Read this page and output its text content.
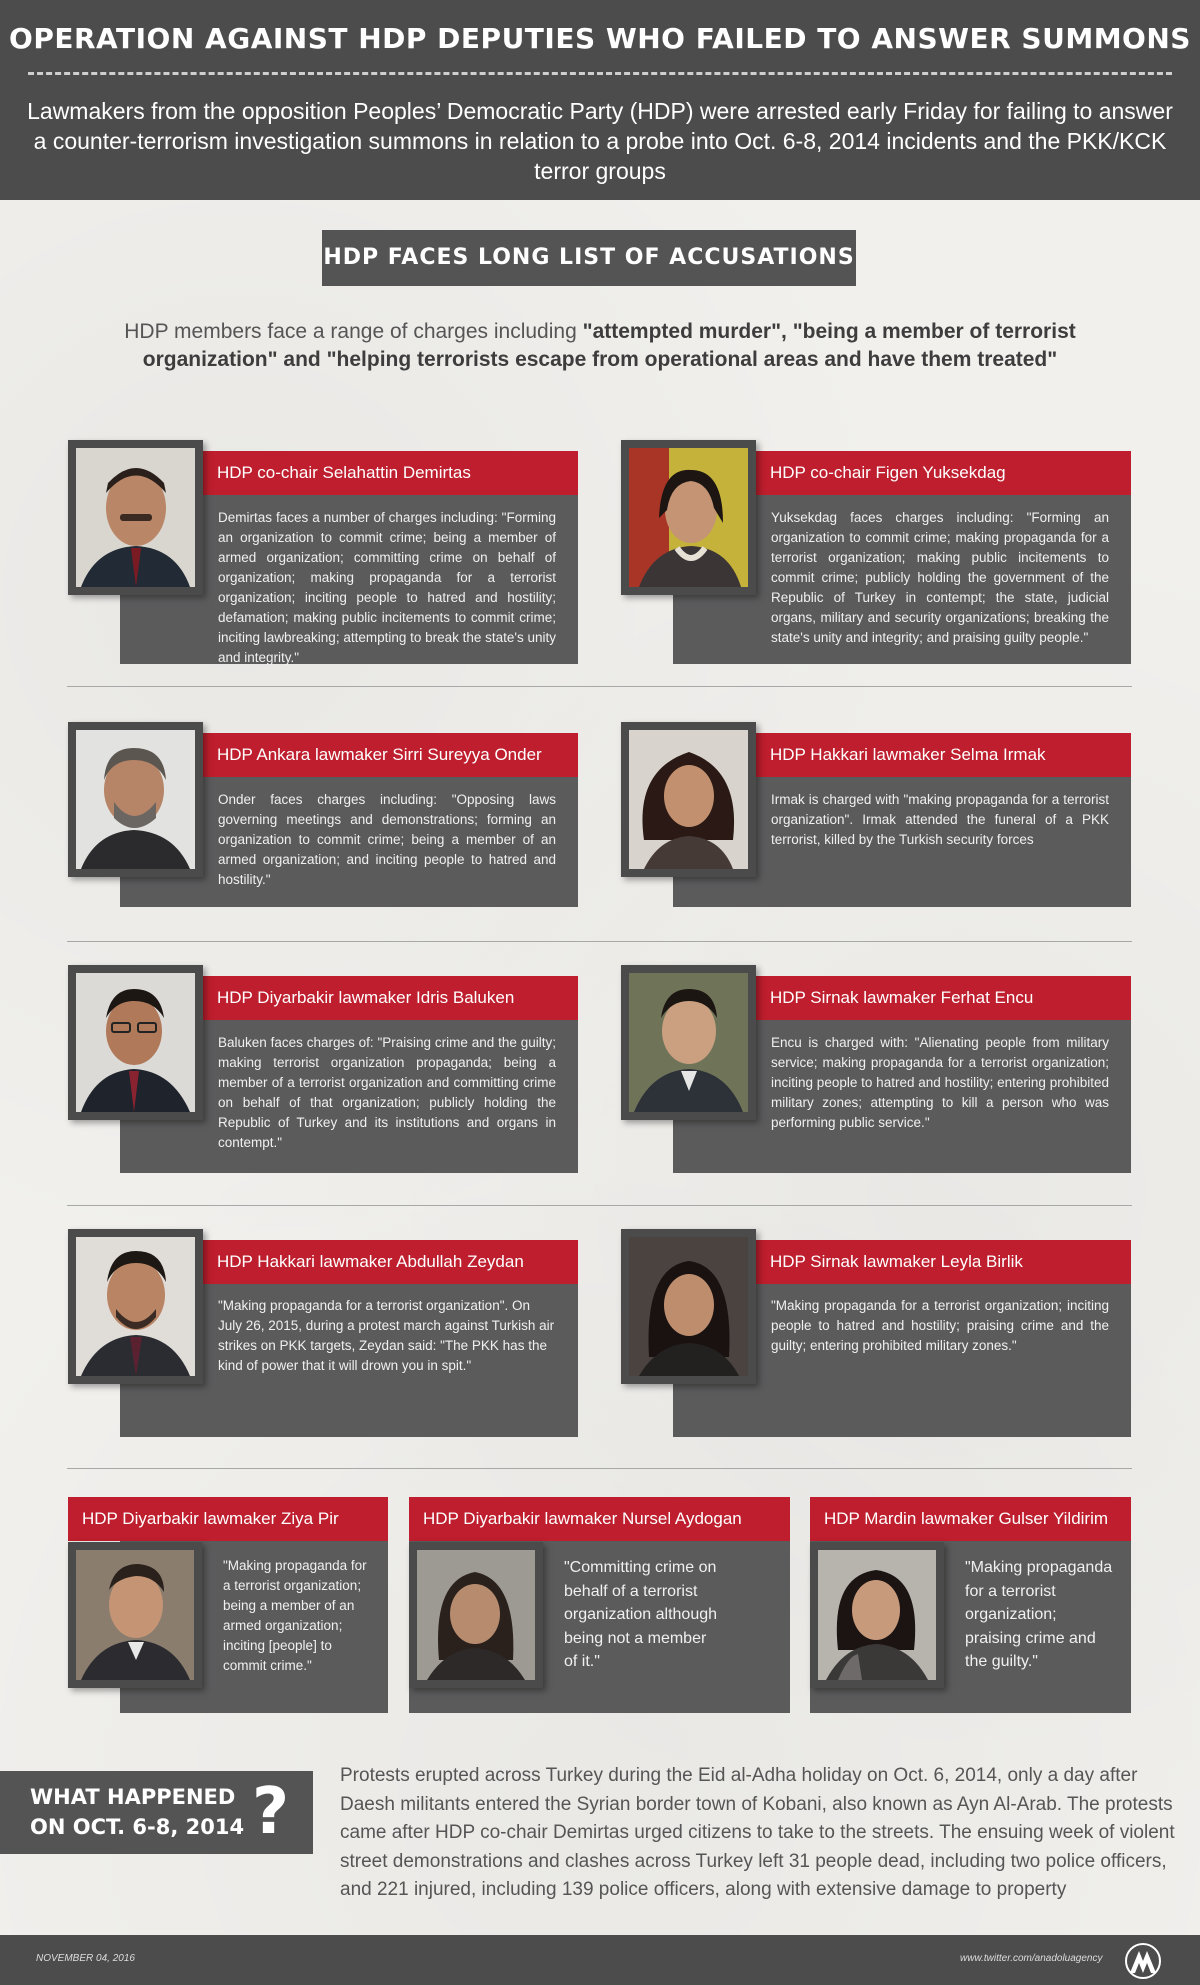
OPERATION AGAINST HDP DEPUTIES WHO FAILED TO ANSWER SUMMONS
Lawmakers from the opposition Peoples’ Democratic Party (HDP) were arrested early Friday for failing to answer a counter-terrorism investigation summons in relation to a probe into Oct. 6-8, 2014 incidents and the PKK/KCK terror groups
HDP FACES LONG LIST OF ACCUSATIONS
HDP members face a range of charges including "attempted murder", "being a member of terrorist organization" and "helping terrorists escape from operational areas and have them treated"
HDP co-chair Selahattin Demirtas
Demirtas faces a number of charges including: "Forming an organization to commit crime; being a member of armed organization; committing crime on behalf of organization; making propaganda for a terrorist organization; inciting people to hatred and hostility; defamation; making public incitements to commit crime; inciting lawbreaking; attempting to break the state's unity and integrity."
HDP co-chair Figen Yuksekdag
Yuksekdag faces charges including: "Forming an organization to commit crime; making propaganda for a terrorist organization; making public incitements to commit crime; publicly holding the government of the Republic of Turkey in contempt; the state, judicial organs, military and security organizations; breaking the state's unity and integrity; and praising guilty people."
HDP Ankara lawmaker Sirri Sureyya Onder
Onder faces charges including: "Opposing laws governing meetings and demonstrations; forming an organization to commit crime; being a member of an armed organization; and inciting people to hatred and hostility."
HDP Hakkari lawmaker Selma Irmak
Irmak is charged with "making propaganda for a terrorist organization". Irmak attended the funeral of a PKK terrorist, killed by the Turkish security forces
HDP Diyarbakir lawmaker Idris Baluken
Baluken faces charges of: "Praising crime and the guilty; making terrorist organization propaganda; being a member of a terrorist organization and committing crime on behalf of that organization; publicly holding the Republic of Turkey and its institutions and organs in contempt."
HDP Sirnak lawmaker Ferhat Encu
Encu is charged with: "Alienating people from military service; making propaganda for a terrorist organization; inciting people to hatred and hostility; entering prohibited military zones; attempting to kill a person who was performing public service."
HDP Hakkari lawmaker Abdullah Zeydan
"Making propaganda for a terrorist organization". On July 26, 2015, during a protest march against Turkish air strikes on PKK targets, Zeydan said: "The PKK has the kind of power that it will drown you in spit."
HDP Sirnak lawmaker Leyla Birlik
"Making propaganda for a terrorist organization; inciting people to hatred and hostility; praising crime and the guilty; entering prohibited military zones."
HDP Diyarbakir lawmaker Ziya Pir
"Making propaganda for a terrorist organization; being a member of an armed organization; inciting [people] to commit crime."
HDP Diyarbakir lawmaker Nursel Aydogan
"Committing crime on behalf of a terrorist organization although being not a member of it."
HDP Mardin lawmaker Gulser Yildirim
"Making propaganda for a terrorist organization; praising crime and the guilty."
WHAT HAPPENED
ON OCT. 6-8, 2014 ?	Protests erupted across Turkey during the Eid al-Adha holiday on Oct. 6, 2014, only a day after Daesh militants entered the Syrian border town of Kobani, also known as Ayn Al-Arab. The protests came after HDP co-chair Demirtas urged citizens to take to the streets. The ensuing week of violent street demonstrations and clashes across Turkey left 31 people dead, including two police officers, and 221 injured, including 139 police officers, along with extensive damage to property
NOVEMBER 04, 2016	www.twitter.com/anadoluagency
